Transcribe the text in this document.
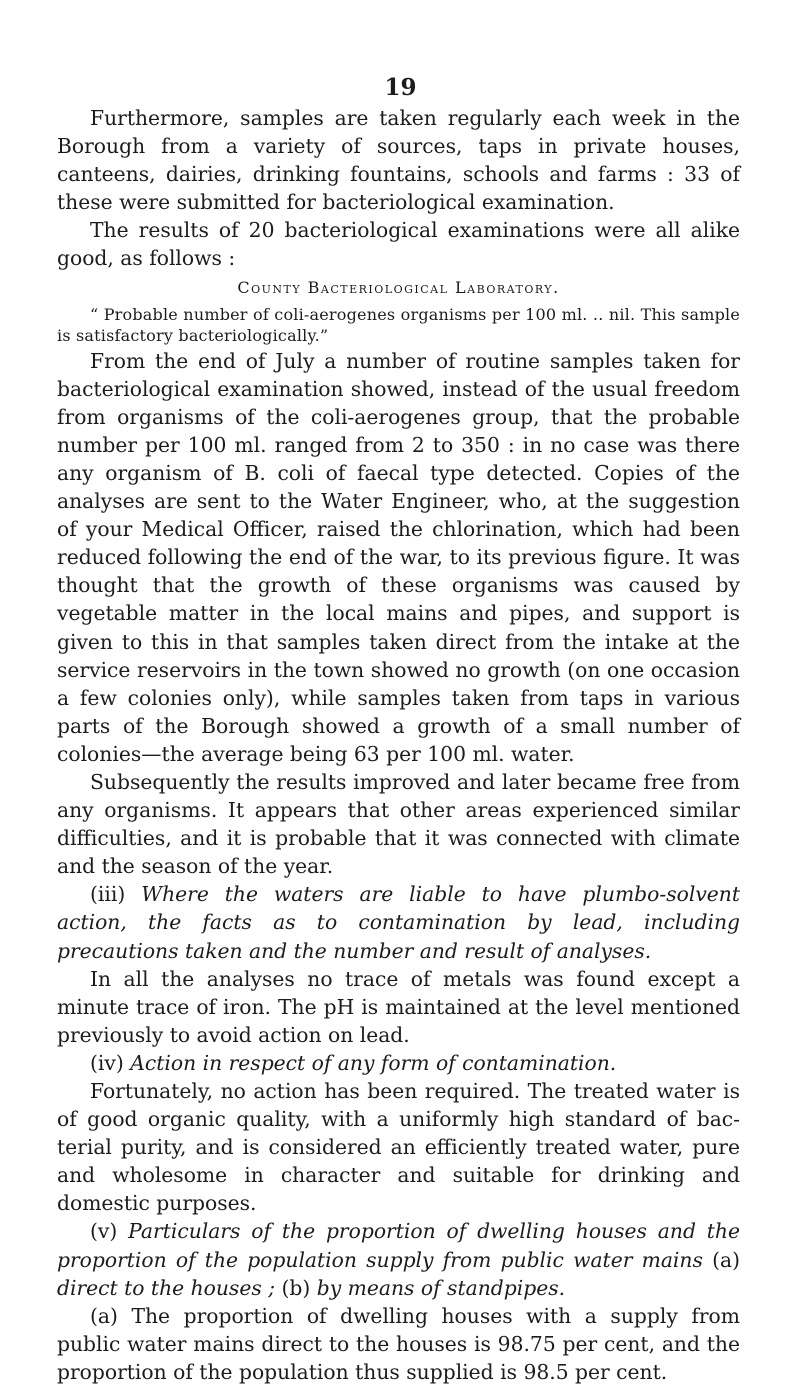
19

Furthermore, samples are taken regularly each week in the Borough from a variety of sources, taps in private houses, canteens, dairies, drinking fountains, schools and farms : 33 of these were submitted for bacteriological examination.

The results of 20 bacteriological examinations were all alike good, as follows :

County Bacteriological Laboratory.

“ Probable number of coli-aerogenes organisms per 100 ml. .. nil. This sample is satisfactory bacteriologically.”

From the end of July a number of routine samples taken for bacteriological examination showed, instead of the usual freedom from organisms of the coli-aerogenes group, that the probable number per 100 ml. ranged from 2 to 350 : in no case was there any organism of B. coli of faecal type detected. Copies of the analyses are sent to the Water Engineer, who, at the suggestion of your Medical Officer, raised the chlorination, which had been reduced following the end of the war, to its previous figure. It was thought that the growth of these organisms was caused by vegetable matter in the local mains and pipes, and support is given to this in that samples taken direct from the intake at the service reservoirs in the town showed no growth (on one occasion a few colonies only), while samples taken from taps in various parts of the Borough showed a growth of a small number of colonies—the average being 63 per 100 ml. water.

Subsequently the results improved and later became free from any organisms. It appears that other areas experienced similar difficulties, and it is probable that it was connected with climate and the season of the year.

(iii) Where the waters are liable to have plumbo-solvent action, the facts as to contamination by lead, including precautions taken and the number and result of analyses.

In all the analyses no trace of metals was found except a minute trace of iron. The pH is maintained at the level mentioned previously to avoid action on lead.

(iv) Action in respect of any form of contamination.

Fortunately, no action has been required. The treated water is of good organic quality, with a uniformly high standard of bac-terial purity, and is considered an efficiently treated water, pure and wholesome in character and suitable for drinking and domestic purposes.

(v) Particulars of the proportion of dwelling houses and the proportion of the population supply from public water mains (a) direct to the houses ; (b) by means of standpipes.

(a) The proportion of dwelling houses with a supply from public water mains direct to the houses is 98.75 per cent, and the proportion of the population thus supplied is 98.5 per cent.
